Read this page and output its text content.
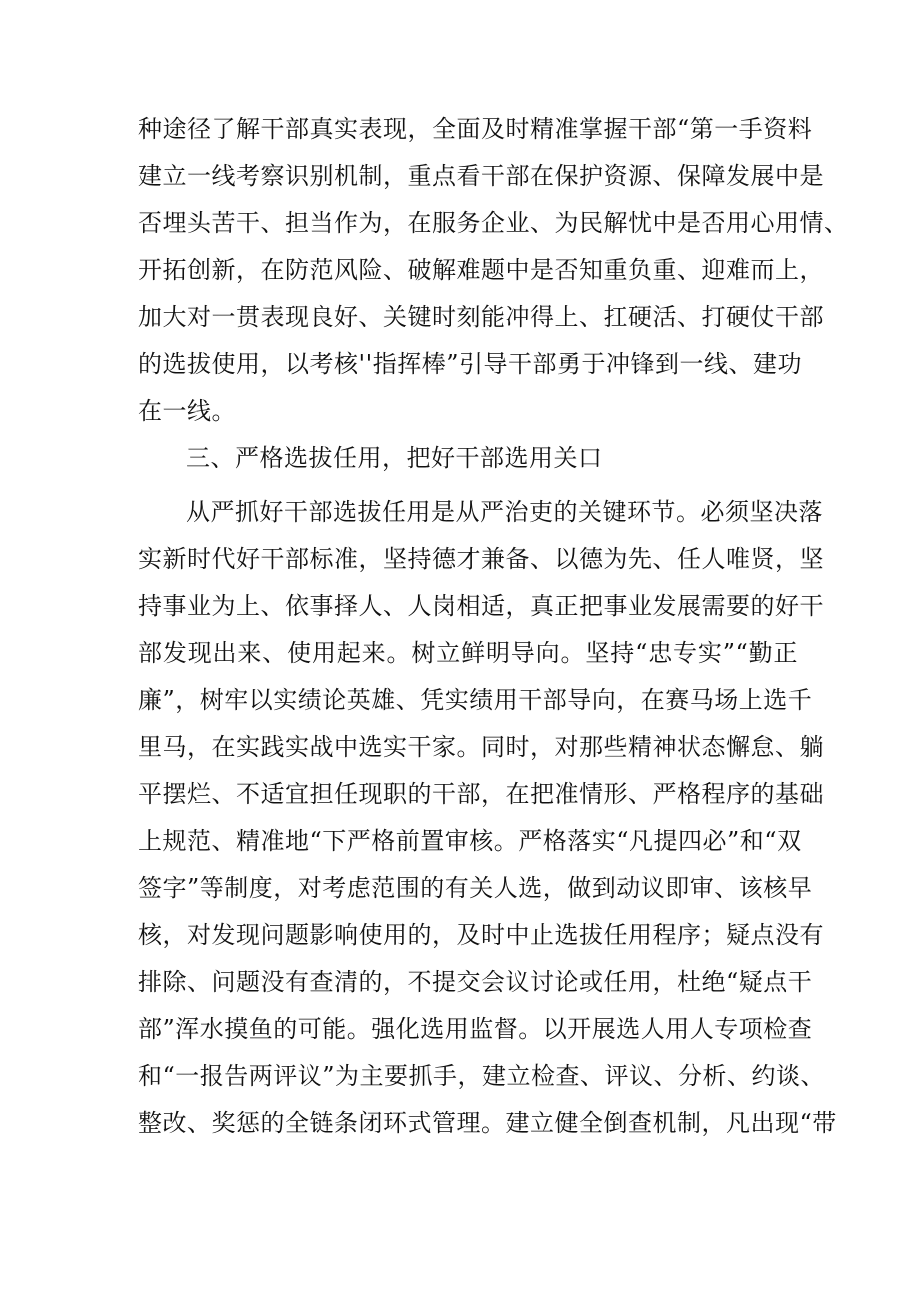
种途径了解干部真实表现，全面及时精准掌握干部“第一手资料
建立一线考察识别机制，重点看干部在保护资源、保障发展中是
否埋头苦干、担当作为，在服务企业、为民解忧中是否用心用情、
开拓创新，在防范风险、破解难题中是否知重负重、迎难而上，
加大对一贯表现良好、关键时刻能冲得上、扛硬活、打硬仗干部
的选拔使用，以考核''指挥棒”引导干部勇于冲锋到一线、建功
在一线。
三、严格选拔任用，把好干部选用关口
从严抓好干部选拔任用是从严治吏的关键环节。必须坚决落
实新时代好干部标准，坚持德才兼备、以德为先、任人唯贤，坚
持事业为上、依事择人、人岗相适，真正把事业发展需要的好干
部发现出来、使用起来。树立鲜明导向。坚持“忠专实”“勤正
廉”，树牢以实绩论英雄、凭实绩用干部导向，在赛马场上选千
里马，在实践实战中选实干家。同时，对那些精神状态懈怠、躺
平摆烂、不适宜担任现职的干部，在把准情形、严格程序的基础
上规范、精准地“下严格前置审核。严格落实“凡提四必”和“双
签字”等制度，对考虑范围的有关人选，做到动议即审、该核早
核，对发现问题影响使用的，及时中止选拔任用程序；疑点没有
排除、问题没有查清的，不提交会议讨论或任用，杜绝“疑点干
部”浑水摸鱼的可能。强化选用监督。以开展选人用人专项检查
和“一报告两评议”为主要抓手，建立检查、评议、分析、约谈、
整改、奖惩的全链条闭环式管理。建立健全倒查机制，凡出现“带
